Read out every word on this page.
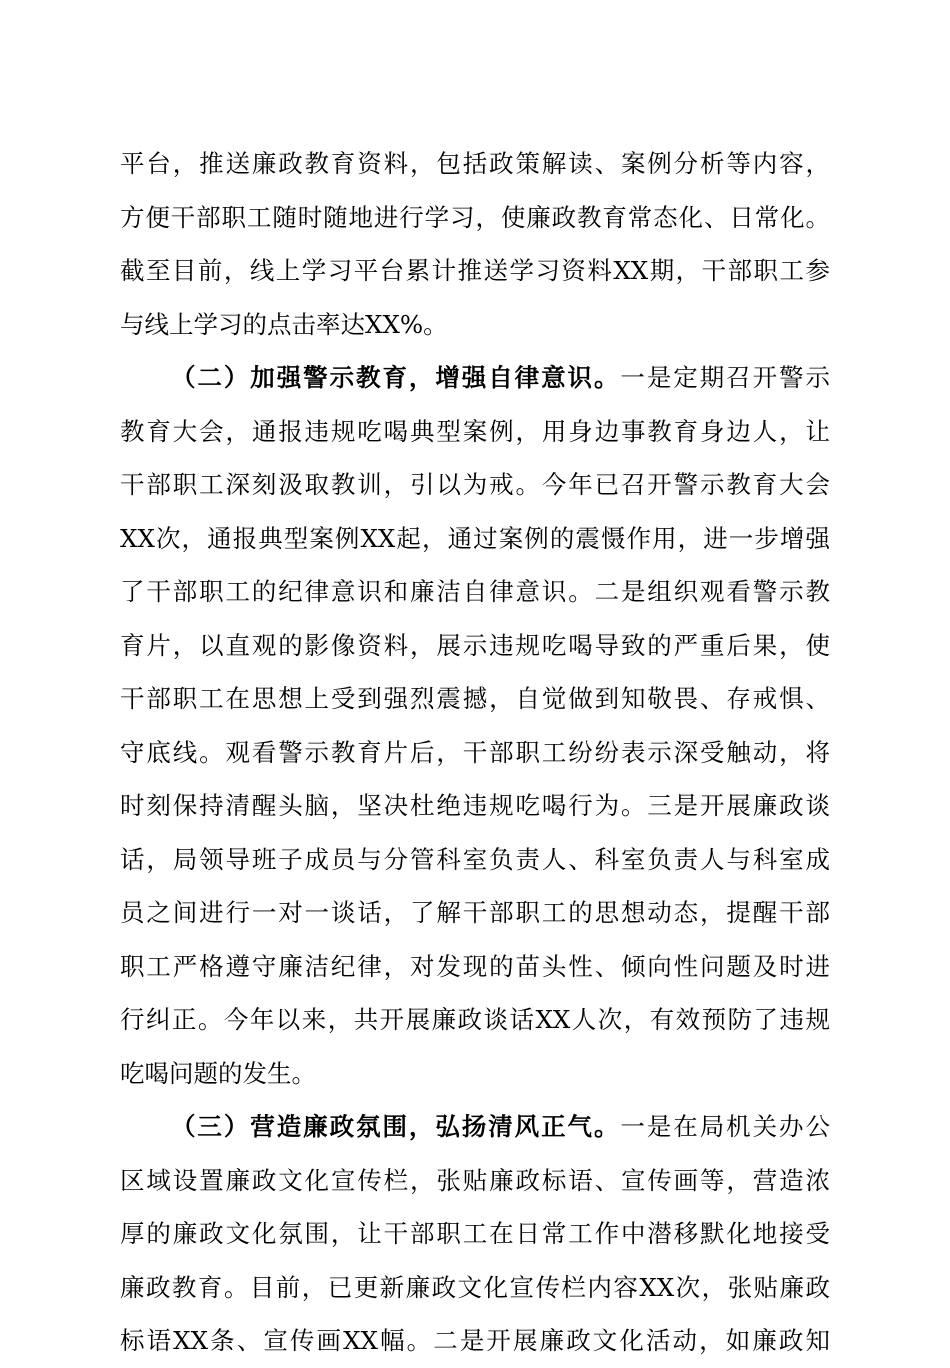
平台，推送廉政教育资料，包括政策解读、案例分析等内容，
方便干部职工随时随地进行学习，使廉政教育常态化、日常化。
截至目前，线上学习平台累计推送学习资料XX期，干部职工参
与线上学习的点击率达XX%。
（二）加强警示教育，增强自律意识。一是定期召开警示
教育大会，通报违规吃喝典型案例，用身边事教育身边人，让
干部职工深刻汲取教训，引以为戒。今年已召开警示教育大会
XX次，通报典型案例XX起，通过案例的震慑作用，进一步增强
了干部职工的纪律意识和廉洁自律意识。二是组织观看警示教
育片，以直观的影像资料，展示违规吃喝导致的严重后果，使
干部职工在思想上受到强烈震撼，自觉做到知敬畏、存戒惧、
守底线。观看警示教育片后，干部职工纷纷表示深受触动，将
时刻保持清醒头脑，坚决杜绝违规吃喝行为。三是开展廉政谈
话，局领导班子成员与分管科室负责人、科室负责人与科室成
员之间进行一对一谈话，了解干部职工的思想动态，提醒干部
职工严格遵守廉洁纪律，对发现的苗头性、倾向性问题及时进
行纠正。今年以来，共开展廉政谈话XX人次，有效预防了违规
吃喝问题的发生。
（三）营造廉政氛围，弘扬清风正气。一是在局机关办公
区域设置廉政文化宣传栏，张贴廉政标语、宣传画等，营造浓
厚的廉政文化氛围，让干部职工在日常工作中潜移默化地接受
廉政教育。目前，已更新廉政文化宣传栏内容XX次，张贴廉政
标语XX条、宣传画XX幅。二是开展廉政文化活动，如廉政知
